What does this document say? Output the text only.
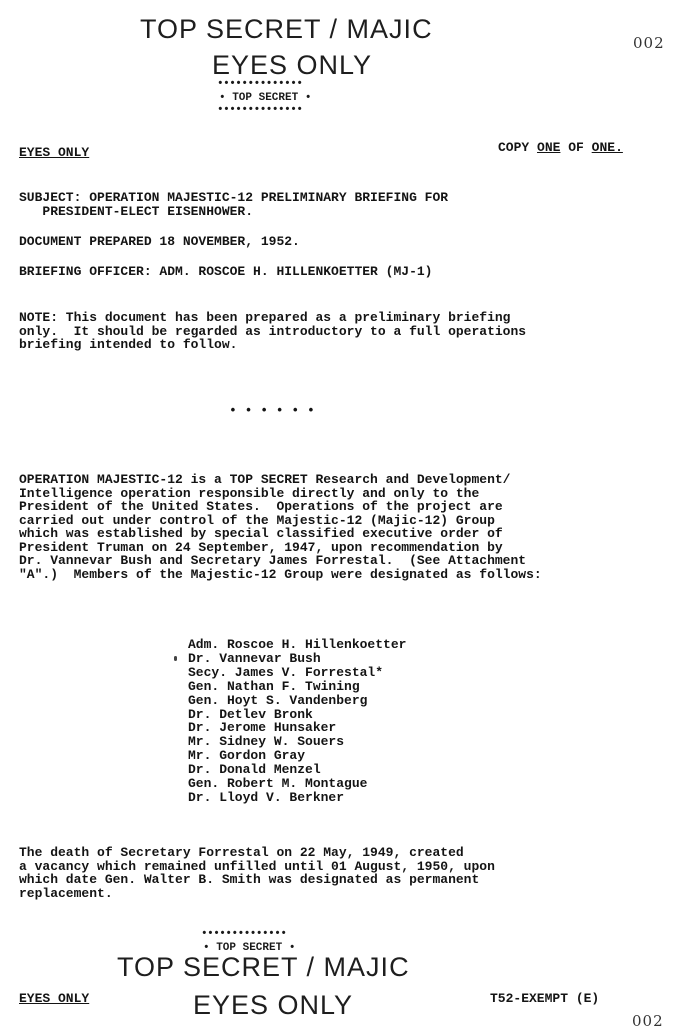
TOP SECRET / MAJIC
EYES ONLY
••••••••••••••
• TOP SECRET •
••••••••••••••
002
EYES ONLY	COPY ONE OF ONE.
SUBJECT: OPERATION MAJESTIC-12 PRELIMINARY BRIEFING FOR
PRESIDENT-ELECT EISENHOWER.
DOCUMENT PREPARED 18 NOVEMBER, 1952.
BRIEFING OFFICER: ADM. ROSCOE H. HILLENKOETTER (MJ-1)
NOTE: This document has been prepared as a preliminary briefing
only.  It should be regarded as introductory to a full operations
briefing intended to follow.
• • • • • •
OPERATION MAJESTIC-12 is a TOP SECRET Research and Development/
Intelligence operation responsible directly and only to the
President of the United States.  Operations of the project are
carried out under control of the Majestic-12 (Majic-12) Group
which was established by special classified executive order of
President Truman on 24 September, 1947, upon recommendation by
Dr. Vannevar Bush and Secretary James Forrestal.  (See Attachment
"A".)  Members of the Majestic-12 Group were designated as follows:
Adm. Roscoe H. Hillenkoetter
Dr. Vannevar Bush
Secy. James V. Forrestal*
Gen. Nathan F. Twining
Gen. Hoyt S. Vandenberg
Dr. Detlev Bronk
Dr. Jerome Hunsaker
Mr. Sidney W. Souers
Mr. Gordon Gray
Dr. Donald Menzel
Gen. Robert M. Montague
Dr. Lloyd V. Berkner
The death of Secretary Forrestal on 22 May, 1949, created
a vacancy which remained unfilled until 01 August, 1950, upon
which date Gen. Walter B. Smith was designated as permanent
replacement.
••••••••••••••
• TOP SECRET •
TOP SECRET / MAJIC
EYES ONLY
EYES ONLY	T52-EXEMPT (E)
002
